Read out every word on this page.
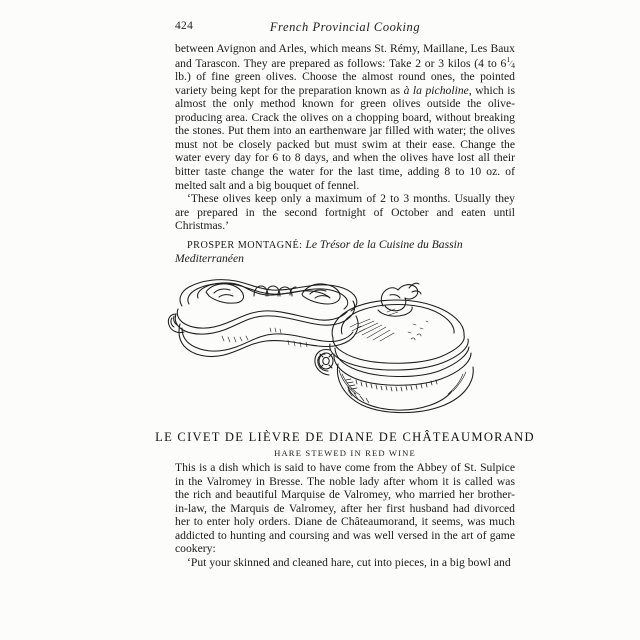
424	French Provincial Cooking

between Avignon and Arles, which means St. Rémy, Maillane, Les Baux and Tarascon. They are prepared as follows: Take 2 or 3 kilos (4 to $6^1⁄_4$ lb.) of fine green olives. Choose the almost round ones, the pointed variety being kept for the preparation known as à la picholine, which is almost the only method known for green olives outside the olive-producing area. Crack the olives on a chopping board, without breaking the stones. Put them into an earthenware jar filled with water; the olives must not be closely packed but must swim at their ease. Change the water every day for 6 to 8 days, and when the olives have lost all their bitter taste change the water for the last time, adding 8 to 10 oz. of melted salt and a big bouquet of fennel.

‘These olives keep only a maximum of 2 to 3 months. Usually they are prepared in the second fortnight of October and eaten until Christmas.’

PROSPER MONTAGNÉ: Le Trésor de la Cuisine du Bassin Mediterranéen

LE CIVET DE LIÈVRE DE DIANE DE CHÂTEAUMORAND
HARE STEWED IN RED WINE

This is a dish which is said to have come from the Abbey of St. Sulpice in the Valromey in Bresse. The noble lady after whom it is called was the rich and beautiful Marquise de Valromey, who married her brother-in-law, the Marquis de Valromey, after her first husband had divorced her to enter holy orders. Diane de Châteaumorand, it seems, was much addicted to hunting and coursing and was well versed in the art of game cookery:

‘Put your skinned and cleaned hare, cut into pieces, in a big bowl and
